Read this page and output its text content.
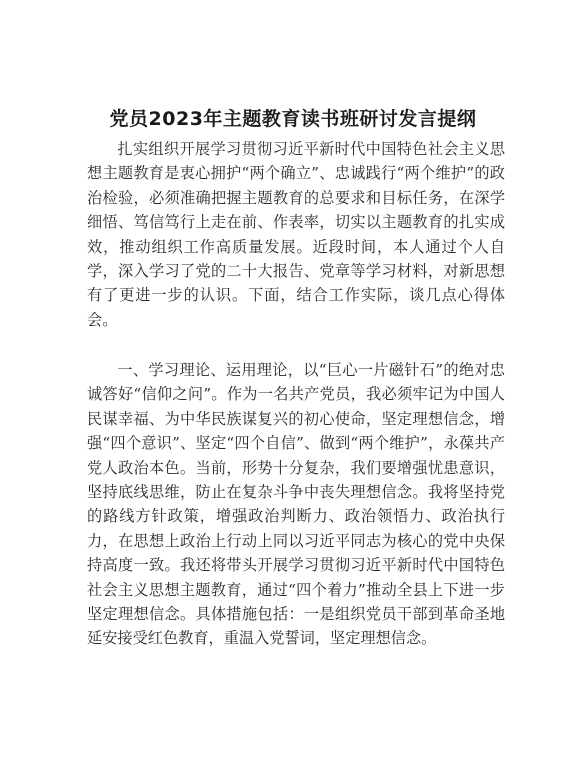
党员2023年主题教育读书班研讨发言提纲

扎实组织开展学习贯彻习近平新时代中国特色社会主义思想主题教育是衷心拥护“两个确立”、忠诚践行“两个维护”的政治检验，必须准确把握主题教育的总要求和目标任务，在深学细悟、笃信笃行上走在前、作表率，切实以主题教育的扎实成效，推动组织工作高质量发展。近段时间，本人通过个人自学，深入学习了党的二十大报告、党章等学习材料，对新思想有了更进一步的认识。下面，结合工作实际，谈几点心得体会。

一、学习理论、运用理论，以“巨心一片磁针石”的绝对忠诚答好“信仰之问”。作为一名共产党员，我必须牢记为中国人民谋幸福、为中华民族谋复兴的初心使命，坚定理想信念，增强“四个意识”、坚定“四个自信”、做到“两个维护”，永葆共产党人政治本色。当前，形势十分复杂，我们要增强忧患意识，坚持底线思维，防止在复杂斗争中丧失理想信念。我将坚持党的路线方针政策，增强政治判断力、政治领悟力、政治执行力，在思想上政治上行动上同以习近平同志为核心的党中央保持高度一致。我还将带头开展学习贯彻习近平新时代中国特色社会主义思想主题教育，通过“四个着力”推动全县上下进一步坚定理想信念。具体措施包括：一是组织党员干部到革命圣地延安接受红色教育，重温入党誓词，坚定理想信念。
